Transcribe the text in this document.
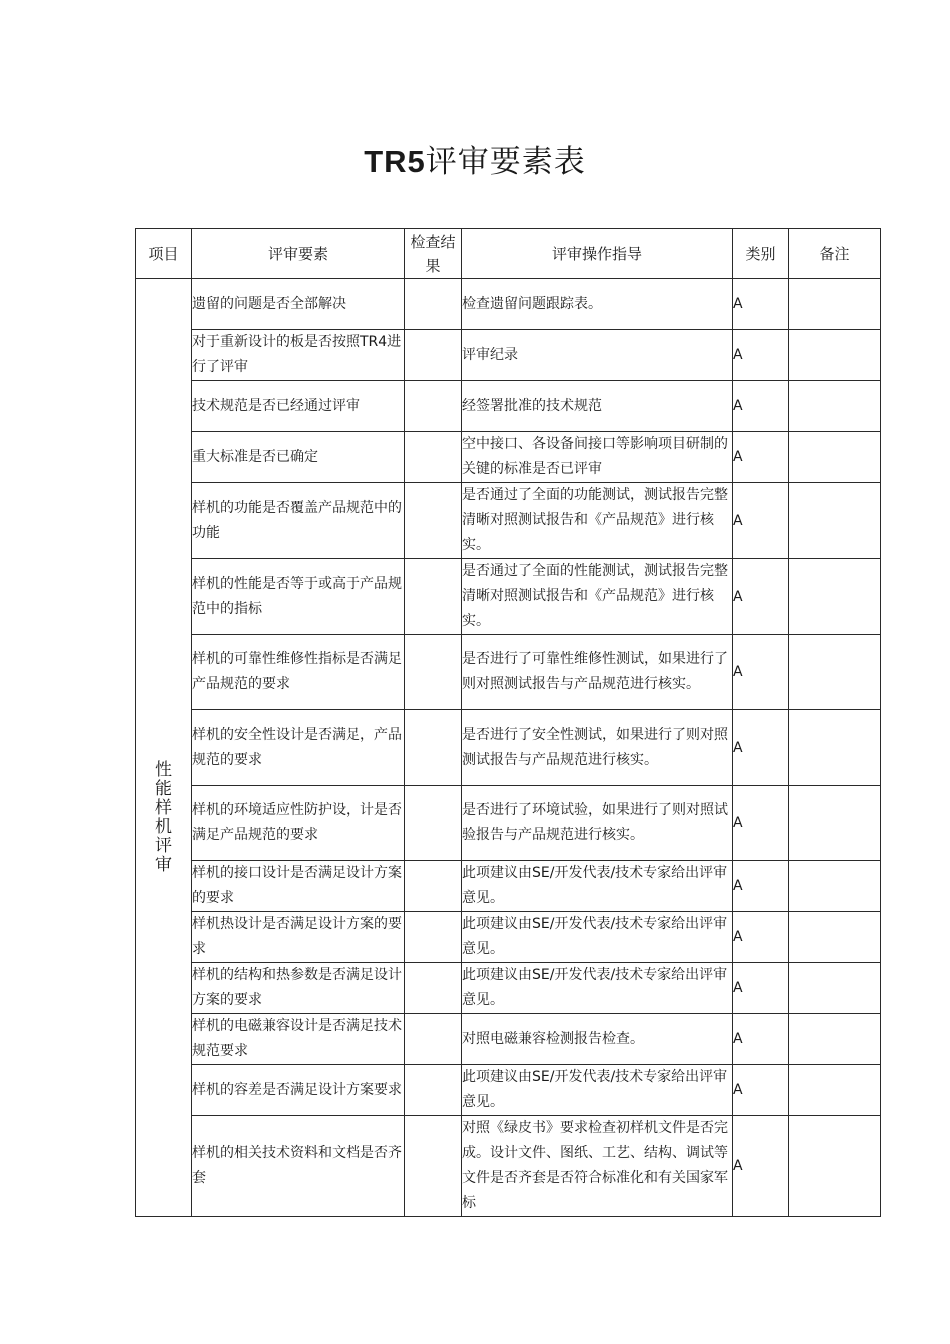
TR5评审要素表
项目	评审要素	检查结果	评审操作指导	类别	备注
性能样机评审	遗留的问题是否全部解决		检查遗留问题跟踪表。	A	
	对于重新设计的板是否按照TR4进行了评审		评审纪录	A	
	技术规范是否已经通过评审		经签署批准的技术规范	A	
	重大标准是否已确定		空中接口、各设备间接口等影响项目研制的关键的标准是否已评审	A	
	样机的功能是否覆盖产品规范中的功能		是否通过了全面的功能测试，测试报告完整清晰对照测试报告和《产品规范》进行核实。	A	
	样机的性能是否等于或高于产品规范中的指标		是否通过了全面的性能测试，测试报告完整清晰对照测试报告和《产品规范》进行核实。	A	
	样机的可靠性维修性指标是否满足产品规范的要求		是否进行了可靠性维修性测试，如果进行了则对照测试报告与产品规范进行核实。	A	
	样机的安全性设计是否满足，产品规范的要求		是否进行了安全性测试，如果进行了则对照测试报告与产品规范进行核实。	A	
	样机的环境适应性防护设，计是否满足产品规范的要求		是否进行了环境试验，如果进行了则对照试验报告与产品规范进行核实。	A	
	样机的接口设计是否满足设计方案的要求		此项建议由SE/开发代表/技术专家给出评审意见。	A	
	样机热设计是否满足设计方案的要求		此项建议由SE/开发代表/技术专家给出评审意见。	A	
	样机的结构和热参数是否满足设计方案的要求		此项建议由SE/开发代表/技术专家给出评审意见。	A	
	样机的电磁兼容设计是否满足技术规范要求		对照电磁兼容检测报告检查。	A	
	样机的容差是否满足设计方案要求		此项建议由SE/开发代表/技术专家给出评审意见。	A	
	样机的相关技术资料和文档是否齐套		对照《绿皮书》要求检查初样机文件是否完成。设计文件、图纸、工艺、结构、调试等文件是否齐套是否符合标准化和有关国家军标	A	
